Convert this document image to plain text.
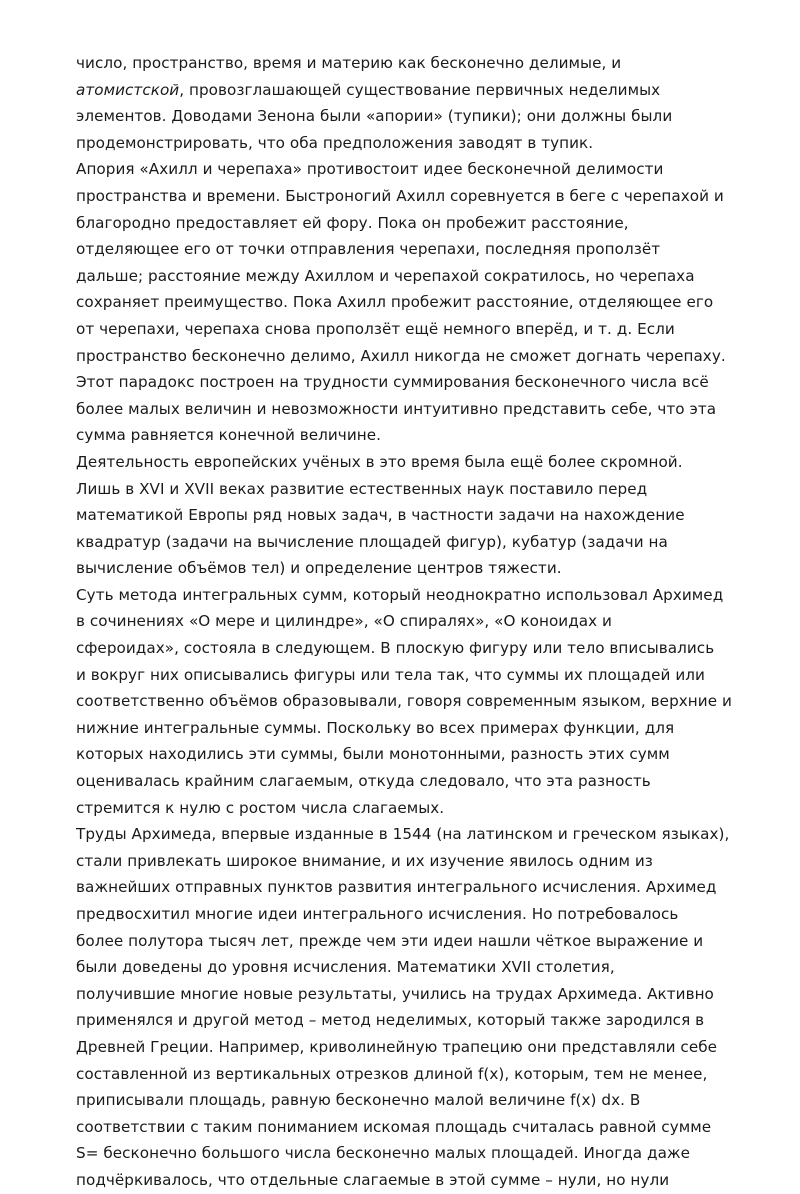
число, пространство, время и материю как бесконечно делимые, и
атомистской, провозглашающей существование первичных неделимых
элементов. Доводами Зенона были «апории» (тупики); они должны были
продемонстрировать, что оба предположения заводят в тупик.
Апория «Ахилл и черепаха» противостоит идее бесконечной делимости
пространства и времени. Быстроногий Ахилл соревнуется в беге с черепахой и
благородно предоставляет ей фору. Пока он пробежит расстояние,
отделяющее его от точки отправления черепахи, последняя проползёт
дальше; расстояние между Ахиллом и черепахой сократилось, но черепаха
сохраняет преимущество. Пока Ахилл пробежит расстояние, отделяющее его
от черепахи, черепаха снова проползёт ещё немного вперёд, и т. д. Если
пространство бесконечно делимо, Ахилл никогда не сможет догнать черепаху.
Этот парадокс построен на трудности суммирования бесконечного числа всё
более малых величин и невозможности интуитивно представить себе, что эта
сумма равняется конечной величине.
Деятельность европейских учёных в это время была ещё более скромной.
Лишь в XVI и XVII веках развитие естественных наук поставило перед
математикой Европы ряд новых задач, в частности задачи на нахождение
квадратур (задачи на вычисление площадей фигур), кубатур (задачи на
вычисление объёмов тел) и определение центров тяжести.
Суть метода интегральных сумм, который неоднократно использовал Архимед
в сочинениях «О мере и цилиндре», «О спиралях», «О коноидах и
сфероидах», состояла в следующем. В плоскую фигуру или тело вписывались
и вокруг них описывались фигуры или тела так, что суммы их площадей или
соответственно объёмов образовывали, говоря современным языком, верхние и
нижние интегральные суммы. Поскольку во всех примерах функции, для
которых находились эти суммы, были монотонными, разность этих сумм
оценивалась крайним слагаемым, откуда следовало, что эта разность
стремится к нулю с ростом числа слагаемых.
Труды Архимеда, впервые изданные в 1544 (на латинском и греческом языках),
стали привлекать широкое внимание, и их изучение явилось одним из
важнейших отправных пунктов развития интегрального исчисления. Архимед
предвосхитил многие идеи интегрального исчисления. Но потребовалось
более полутора тысяч лет, прежде чем эти идеи нашли чёткое выражение и
были доведены до уровня исчисления. Математики XVII столетия,
получившие многие новые результаты, учились на трудах Архимеда. Активно
применялся и другой метод – метод неделимых, который также зародился в
Древней Греции. Например, криволинейную трапецию они представляли себе
составленной из вертикальных отрезков длиной f(x), которым, тем не менее,
приписывали площадь, равную бесконечно малой величине f(x) dx. В
соответствии с таким пониманием искомая площадь считалась равной сумме
S= бесконечно большого числа бесконечно малых площадей. Иногда даже
подчёркивалось, что отдельные слагаемые в этой сумме – нули, но нули
